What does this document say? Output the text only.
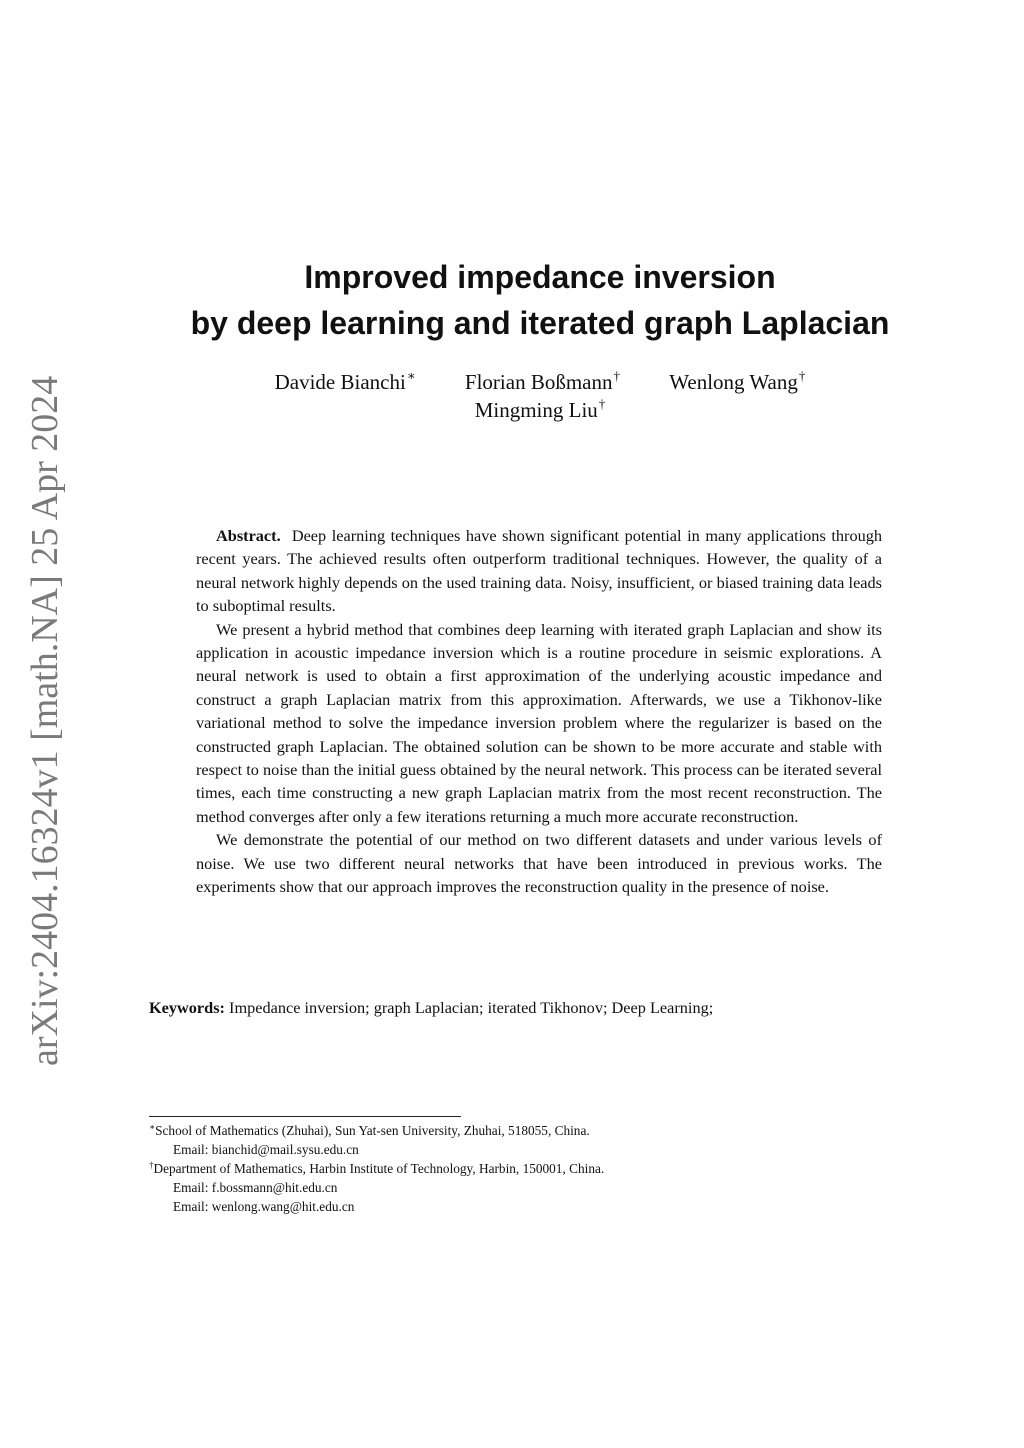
arXiv:2404.16324v1 [math.NA] 25 Apr 2024
Improved impedance inversion
by deep learning and iterated graph Laplacian
Davide Bianchi∗ Florian Boßmann† Wenlong Wang†
Mingming Liu†

Abstract. Deep learning techniques have shown significant potential in many applications through recent years. The achieved results often outperform traditional techniques. However, the quality of a neural network highly depends on the used training data. Noisy, insufficient, or biased training data leads to suboptimal results.

We present a hybrid method that combines deep learning with iterated graph Laplacian and show its application in acoustic impedance inversion which is a routine procedure in seismic explorations. A neural network is used to obtain a first approximation of the underlying acoustic impedance and construct a graph Laplacian matrix from this approximation. Afterwards, we use a Tikhonov-like variational method to solve the impedance inversion problem where the regularizer is based on the constructed graph Laplacian. The obtained solution can be shown to be more accurate and stable with respect to noise than the initial guess obtained by the neural network. This process can be iterated several times, each time constructing a new graph Laplacian matrix from the most recent reconstruction. The method converges after only a few iterations returning a much more accurate reconstruction.

We demonstrate the potential of our method on two different datasets and under various levels of noise. We use two different neural networks that have been introduced in previous works. The experiments show that our approach improves the reconstruction quality in the presence of noise.

Keywords: Impedance inversion; graph Laplacian; iterated Tikhonov; Deep Learning;
∗School of Mathematics (Zhuhai), Sun Yat-sen University, Zhuhai, 518055, China.
Email: bianchid@mail.sysu.edu.cn
†Department of Mathematics, Harbin Institute of Technology, Harbin, 150001, China.
Email: f.bossmann@hit.edu.cn
Email: wenlong.wang@hit.edu.cn
